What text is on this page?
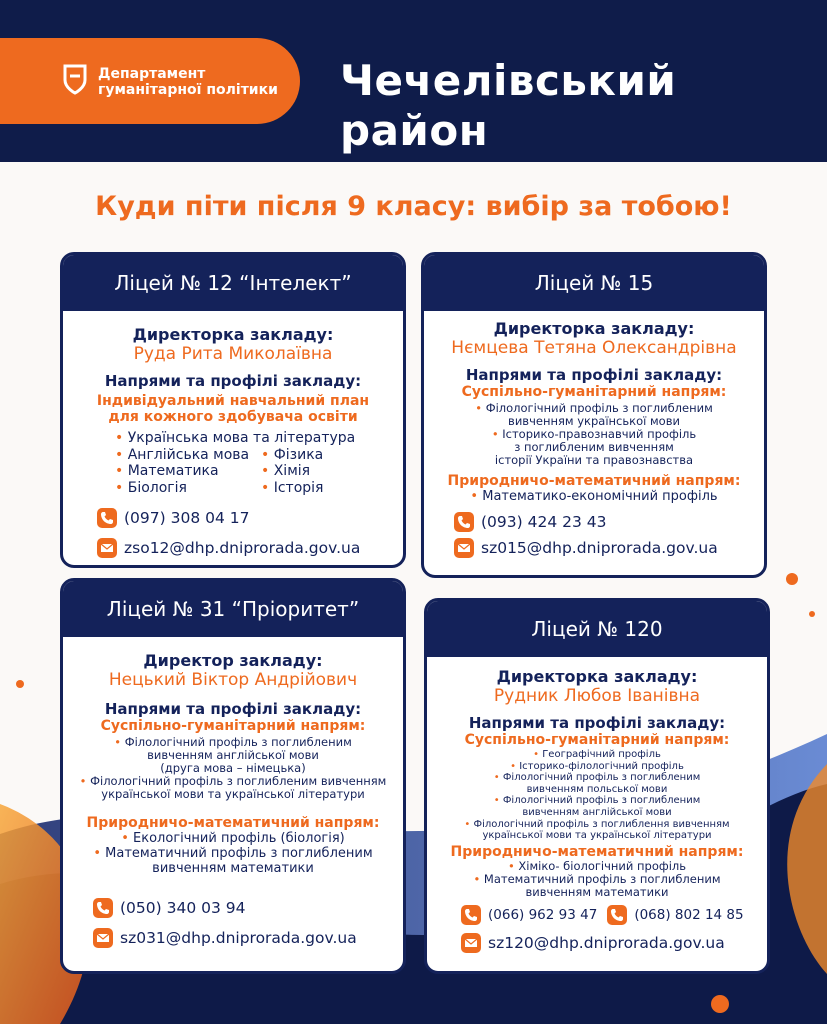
Департамент
гуманітарної політики Чечелівський район
Куди піти після 9 класу: вибір за тобою!
Ліцей № 12 “Інтелект”
Директорка закладу:
Руда Рита Миколаївна
Напрями та профілі закладу:
Індивідуальний навчальний план
для кожного здобувача освіти
• Українська мова та література
• Англійська мова • Фізика
• Математика	• Хімія
• Біологія	• Історія
(097) 308 04 17
zso12@dhp.dniprorada.gov.ua
Ліцей № 15
Директорка закладу:
Нємцева Тетяна Олександрівна
Напрями та профілі закладу:
Суспільно-гуманітарний напрям:
• Філологічний профіль з поглибленим
вивченням української мови
• Історико-правознавчий профіль
з поглибленим вивченням
історії України та правознавства
Природничо-математичний напрям:
• Математико-економічний профіль
(093) 424 23 43
sz015@dhp.dniprorada.gov.ua
Ліцей № 31 “Пріоритет”
Директор закладу:
Нецький Віктор Андрійович
Напрями та профілі закладу:
Суспільно-гуманітарний напрям:
• Філологічний профіль з поглибленим
вивченням англійської мови
(друга мова – німецька)
• Філологічний профіль з поглибленим вивченням
української мови та української літератури
Природничо-математичний напрям:
• Екологічний профіль (біологія)
• Математичний профіль з поглибленим
вивченням математики
(050) 340 03 94
sz031@dhp.dniprorada.gov.ua
Ліцей № 120
Директорка закладу:
Рудник Любов Іванівна
Напрями та профілі закладу:
Суспільно-гуманітарний напрям:
• Географічний профіль
• Історико-філологічний профіль
• Філологічний профіль з поглибленим
вивченням польської мови
• Філологічний профіль з поглибленим
вивченням англійської мови
• Філологічний профіль з поглиблення вивченням
української мови та української літератури
Природничо-математичний напрям:
• Хіміко- біологічний профіль
• Математичний профіль з поглибленим
вивченням математики
(066) 962 93 47	(068) 802 14 85
sz120@dhp.dniprorada.gov.ua
